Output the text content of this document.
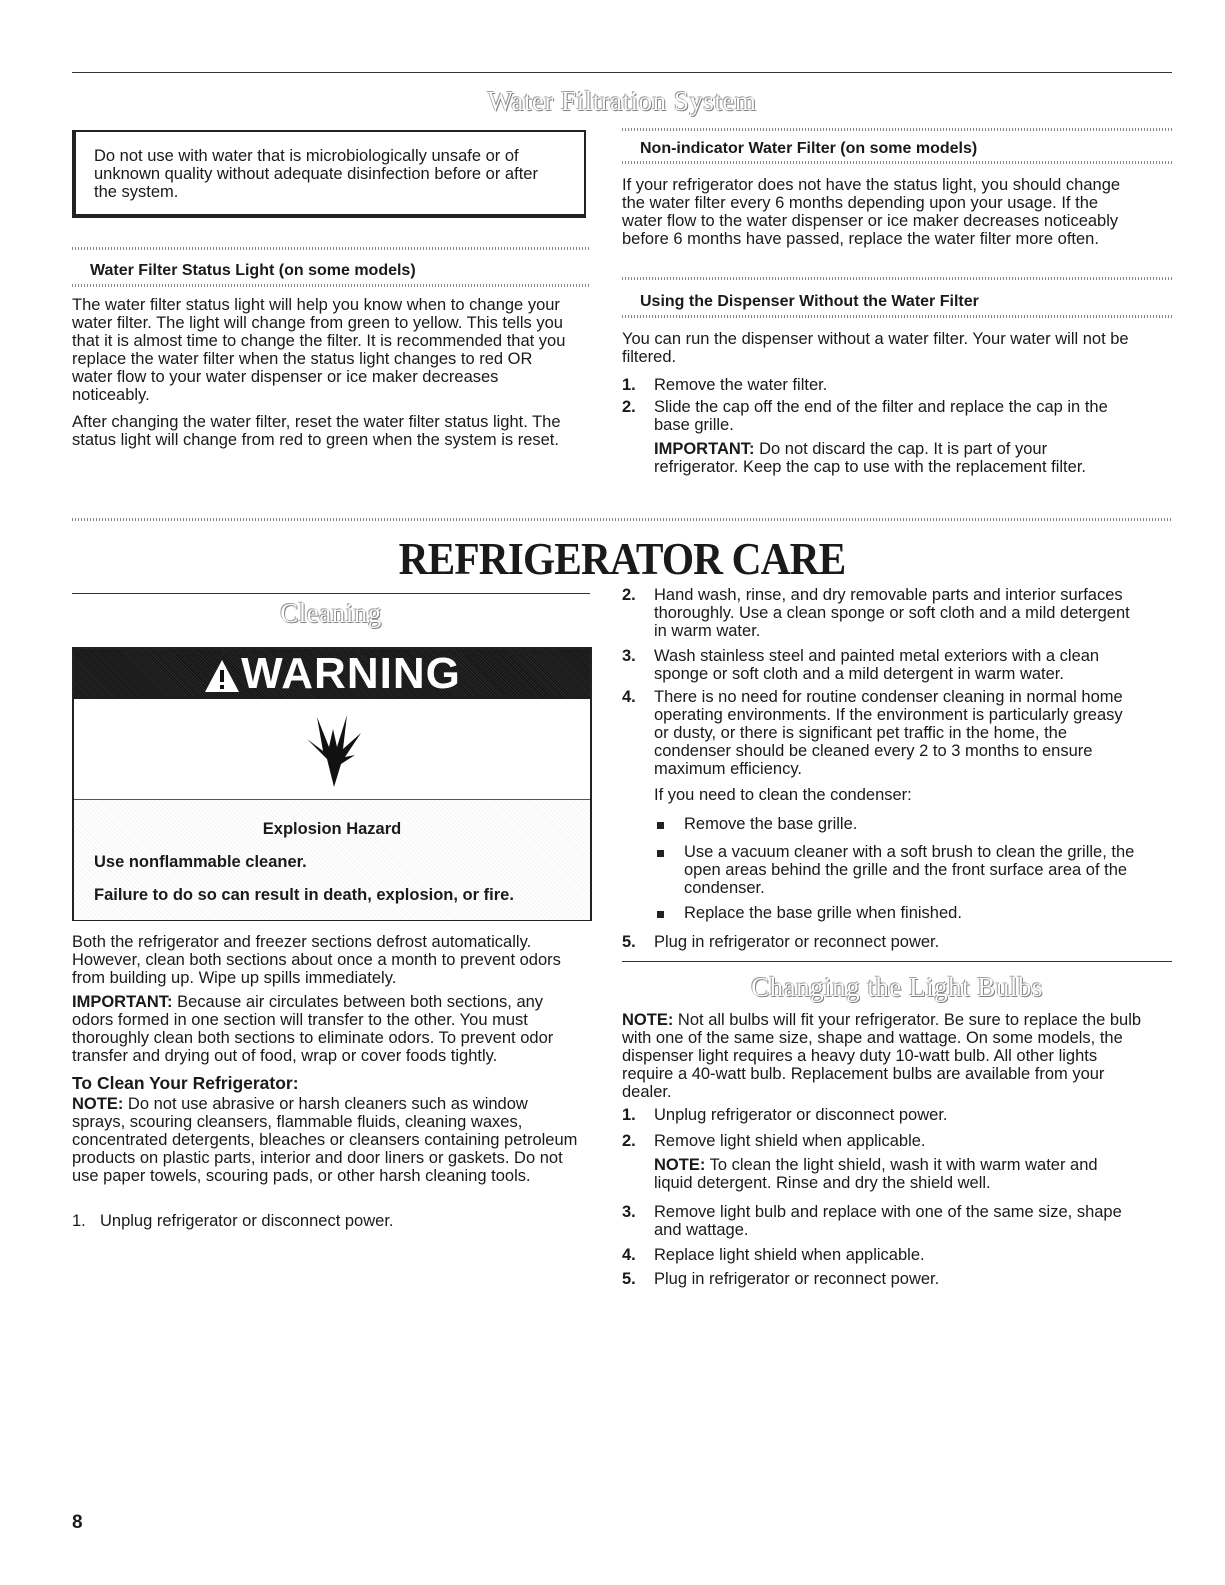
Water Filtration System

Do not use with water that is microbiologically unsafe or of unknown quality without adequate disinfection before or after the system.

Water Filter Status Light (on some models)

The water filter status light will help you know when to change your water filter. The light will change from green to yellow. This tells you that it is almost time to change the filter. It is recommended that you replace the water filter when the status light changes to red OR water flow to your water dispenser or ice maker decreases noticeably.

After changing the water filter, reset the water filter status light. The status light will change from red to green when the system is reset.

Non-indicator Water Filter (on some models)

If your refrigerator does not have the status light, you should change the water filter every 6 months depending upon your usage. If the water flow to the water dispenser or ice maker decreases noticeably before 6 months have passed, replace the water filter more often.

Using the Dispenser Without the Water Filter

You can run the dispenser without a water filter. Your water will not be filtered.

1. Remove the water filter.

2. Slide the cap off the end of the filter and replace the cap in the base grille.

IMPORTANT: Do not discard the cap. It is part of your refrigerator. Keep the cap to use with the replacement filter.

REFRIGERATOR CARE
Cleaning
WARNING
Explosion Hazard
Use nonflammable cleaner.
Failure to do so can result in death, explosion, or fire.

Both the refrigerator and freezer sections defrost automatically. However, clean both sections about once a month to prevent odors from building up. Wipe up spills immediately.

IMPORTANT: Because air circulates between both sections, any odors formed in one section will transfer to the other. You must thoroughly clean both sections to eliminate odors. To prevent odor transfer and drying out of food, wrap or cover foods tightly.

To Clean Your Refrigerator:

NOTE: Do not use abrasive or harsh cleaners such as window sprays, scouring cleansers, flammable fluids, cleaning waxes, concentrated detergents, bleaches or cleansers containing petroleum products on plastic parts, interior and door liners or gaskets. Do not use paper towels, scouring pads, or other harsh cleaning tools.

1. Unplug refrigerator or disconnect power.

2. Hand wash, rinse, and dry removable parts and interior surfaces thoroughly. Use a clean sponge or soft cloth and a mild detergent in warm water.

3. Wash stainless steel and painted metal exteriors with a clean sponge or soft cloth and a mild detergent in warm water.

4. There is no need for routine condenser cleaning in normal home operating environments. If the environment is particularly greasy or dusty, or there is significant pet traffic in the home, the condenser should be cleaned every 2 to 3 months to ensure maximum efficiency.

If you need to clean the condenser:

Remove the base grille.

Use a vacuum cleaner with a soft brush to clean the grille, the open areas behind the grille and the front surface area of the condenser.

Replace the base grille when finished.

5. Plug in refrigerator or reconnect power.

Changing the Light Bulbs

NOTE: Not all bulbs will fit your refrigerator. Be sure to replace the bulb with one of the same size, shape and wattage. On some models, the dispenser light requires a heavy duty 10-watt bulb. All other lights require a 40-watt bulb. Replacement bulbs are available from your dealer.

1. Unplug refrigerator or disconnect power.

2. Remove light shield when applicable.

NOTE: To clean the light shield, wash it with warm water and liquid detergent. Rinse and dry the shield well.

3. Remove light bulb and replace with one of the same size, shape and wattage.

4. Replace light shield when applicable.

5. Plug in refrigerator or reconnect power.

8
